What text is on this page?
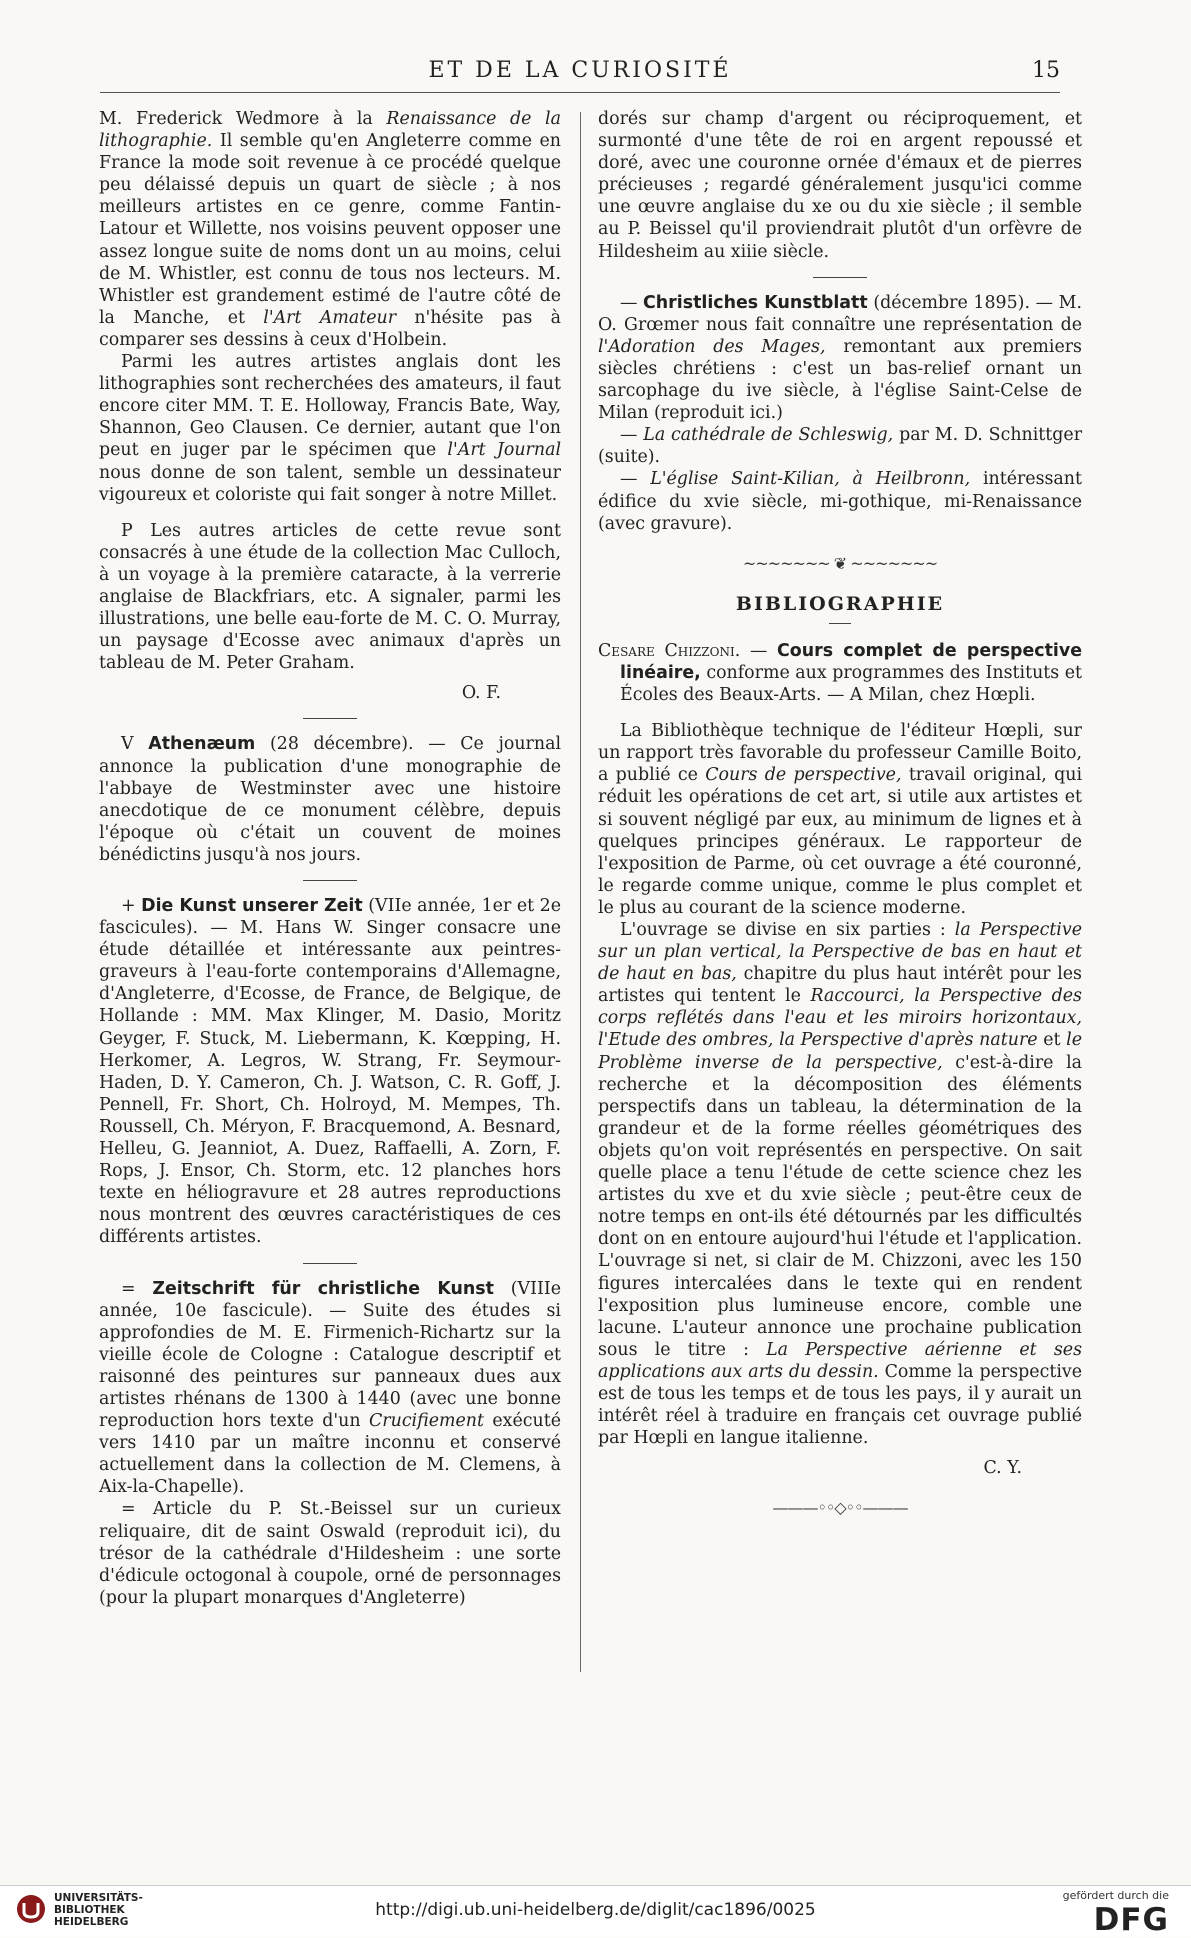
ET DE LA CURIOSITÉ	15

M. Frederick Wedmore à la Renaissance de la lithographie. Il semble qu'en Angleterre comme en France la mode soit revenue à ce procédé quelque peu délaissé depuis un quart de siècle ; à nos meilleurs artistes en ce genre, comme Fantin-Latour et Willette, nos voisins peuvent opposer une assez longue suite de noms dont un au moins, celui de M. Whistler, est connu de tous nos lecteurs. M. Whistler est grandement estimé de l'autre côté de la Manche, et l'Art Amateur n'hésite pas à comparer ses dessins à ceux d'Holbein.

Parmi les autres artistes anglais dont les lithographies sont recherchées des amateurs, il faut encore citer MM. T. E. Holloway, Francis Bate, Way, Shannon, Geo Clausen. Ce dernier, autant que l'on peut en juger par le spécimen que l'Art Journal nous donne de son talent, semble un dessinateur vigoureux et coloriste qui fait songer à notre Millet.

P Les autres articles de cette revue sont consacrés à une étude de la collection Mac Culloch, à un voyage à la première cataracte, à la verrerie anglaise de Blackfriars, etc. A signaler, parmi les illustrations, une belle eau-forte de M. C. O. Murray, un paysage d'Ecosse avec animaux d'après un tableau de M. Peter Graham.

O. F.

V Athenæum (28 décembre). — Ce journal annonce la publication d'une monographie de l'abbaye de Westminster avec une histoire anecdotique de ce monument célèbre, depuis l'époque où c'était un couvent de moines bénédictins jusqu'à nos jours.

+ Die Kunst unserer Zeit (VIIe année, 1er et 2e fascicules). — M. Hans W. Singer consacre une étude détaillée et intéressante aux peintres-graveurs à l'eau-forte contemporains d'Allemagne, d'Angleterre, d'Ecosse, de France, de Belgique, de Hollande : MM. Max Klinger, M. Dasio, Moritz Geyger, F. Stuck, M. Liebermann, K. Kœpping, H. Herkomer, A. Legros, W. Strang, Fr. Seymour-Haden, D. Y. Cameron, Ch. J. Watson, C. R. Goff, J. Pennell, Fr. Short, Ch. Holroyd, M. Mempes, Th. Roussell, Ch. Méryon, F. Bracquemond, A. Besnard, Helleu, G. Jeanniot, A. Duez, Raffaelli, A. Zorn, F. Rops, J. Ensor, Ch. Storm, etc. 12 planches hors texte en héliogravure et 28 autres reproductions nous montrent des œuvres caractéristiques de ces différents artistes.

= Zeitschrift für christliche Kunst (VIIIe année, 10e fascicule). — Suite des études si approfondies de M. E. Firmenich-Richartz sur la vieille école de Cologne : Catalogue descriptif et raisonné des peintures sur panneaux dues aux artistes rhénans de 1300 à 1440 (avec une bonne reproduction hors texte d'un Crucifiement exécuté vers 1410 par un maître inconnu et conservé actuellement dans la collection de M. Clemens, à Aix-la-Chapelle).

= Article du P. St.-Beissel sur un curieux reliquaire, dit de saint Oswald (reproduit ici), du trésor de la cathédrale d'Hildesheim : une sorte d'édicule octogonal à coupole, orné de personnages (pour la plupart monarques d'Angleterre)

dorés sur champ d'argent ou réciproquement, et surmonté d'une tête de roi en argent repoussé et doré, avec une couronne ornée d'émaux et de pierres précieuses ; regardé généralement jusqu'ici comme une œuvre anglaise du xe ou du xie siècle ; il semble au P. Beissel qu'il proviendrait plutôt d'un orfèvre de Hildesheim au xiiie siècle.

— Christliches Kunstblatt (décembre 1895). — M. O. Grœmer nous fait connaître une représentation de l'Adoration des Mages, remontant aux premiers siècles chrétiens : c'est un bas-relief ornant un sarcophage du ive siècle, à l'église Saint-Celse de Milan (reproduit ici.)

— La cathédrale de Schleswig, par M. D. Schnittger (suite).

— L'église Saint-Kilian, à Heilbronn, intéressant édifice du xvie siècle, mi-gothique, mi-Renaissance (avec gravure).

~~~~~~~ ❦ ~~~~~~~
BIBLIOGRAPHIE

Cesare Chizzoni. — Cours complet de perspective linéaire, conforme aux programmes des Instituts et Écoles des Beaux-Arts. — A Milan, chez Hœpli.

La Bibliothèque technique de l'éditeur Hœpli, sur un rapport très favorable du professeur Camille Boito, a publié ce Cours de perspective, travail original, qui réduit les opérations de cet art, si utile aux artistes et si souvent négligé par eux, au minimum de lignes et à quelques principes généraux. Le rapporteur de l'exposition de Parme, où cet ouvrage a été couronné, le regarde comme unique, comme le plus complet et le plus au courant de la science moderne.

L'ouvrage se divise en six parties : la Perspective sur un plan vertical, la Perspective de bas en haut et de haut en bas, chapitre du plus haut intérêt pour les artistes qui tentent le Raccourci, la Perspective des corps reflétés dans l'eau et les miroirs horizontaux, l'Etude des ombres, la Perspective d'après nature et le Problème inverse de la perspective, c'est-à-dire la recherche et la décomposition des éléments perspectifs dans un tableau, la détermination de la grandeur et de la forme réelles géométriques des objets qu'on voit représentés en perspective. On sait quelle place a tenu l'étude de cette science chez les artistes du xve et du xvie siècle ; peut-être ceux de notre temps en ont-ils été détournés par les difficultés dont on en entoure aujourd'hui l'étude et l'application. L'ouvrage si net, si clair de M. Chizzoni, avec les 150 figures intercalées dans le texte qui en rendent l'exposition plus lumineuse encore, comble une lacune. L'auteur annonce une prochaine publication sous le titre : La Perspective aérienne et ses applications aux arts du dessin. Comme la perspective est de tous les temps et de tous les pays, il y aurait un intérêt réel à traduire en français cet ouvrage publié par Hœpli en langue italienne.

C. Y.
———◦◦◇◦◦———
UNIVERSITÄTS-
BIBLIOTHEK
HEIDELBERG
http://digi.ub.uni-heidelberg.de/diglit/cac1896/0025
gefördert durch die
DFG
